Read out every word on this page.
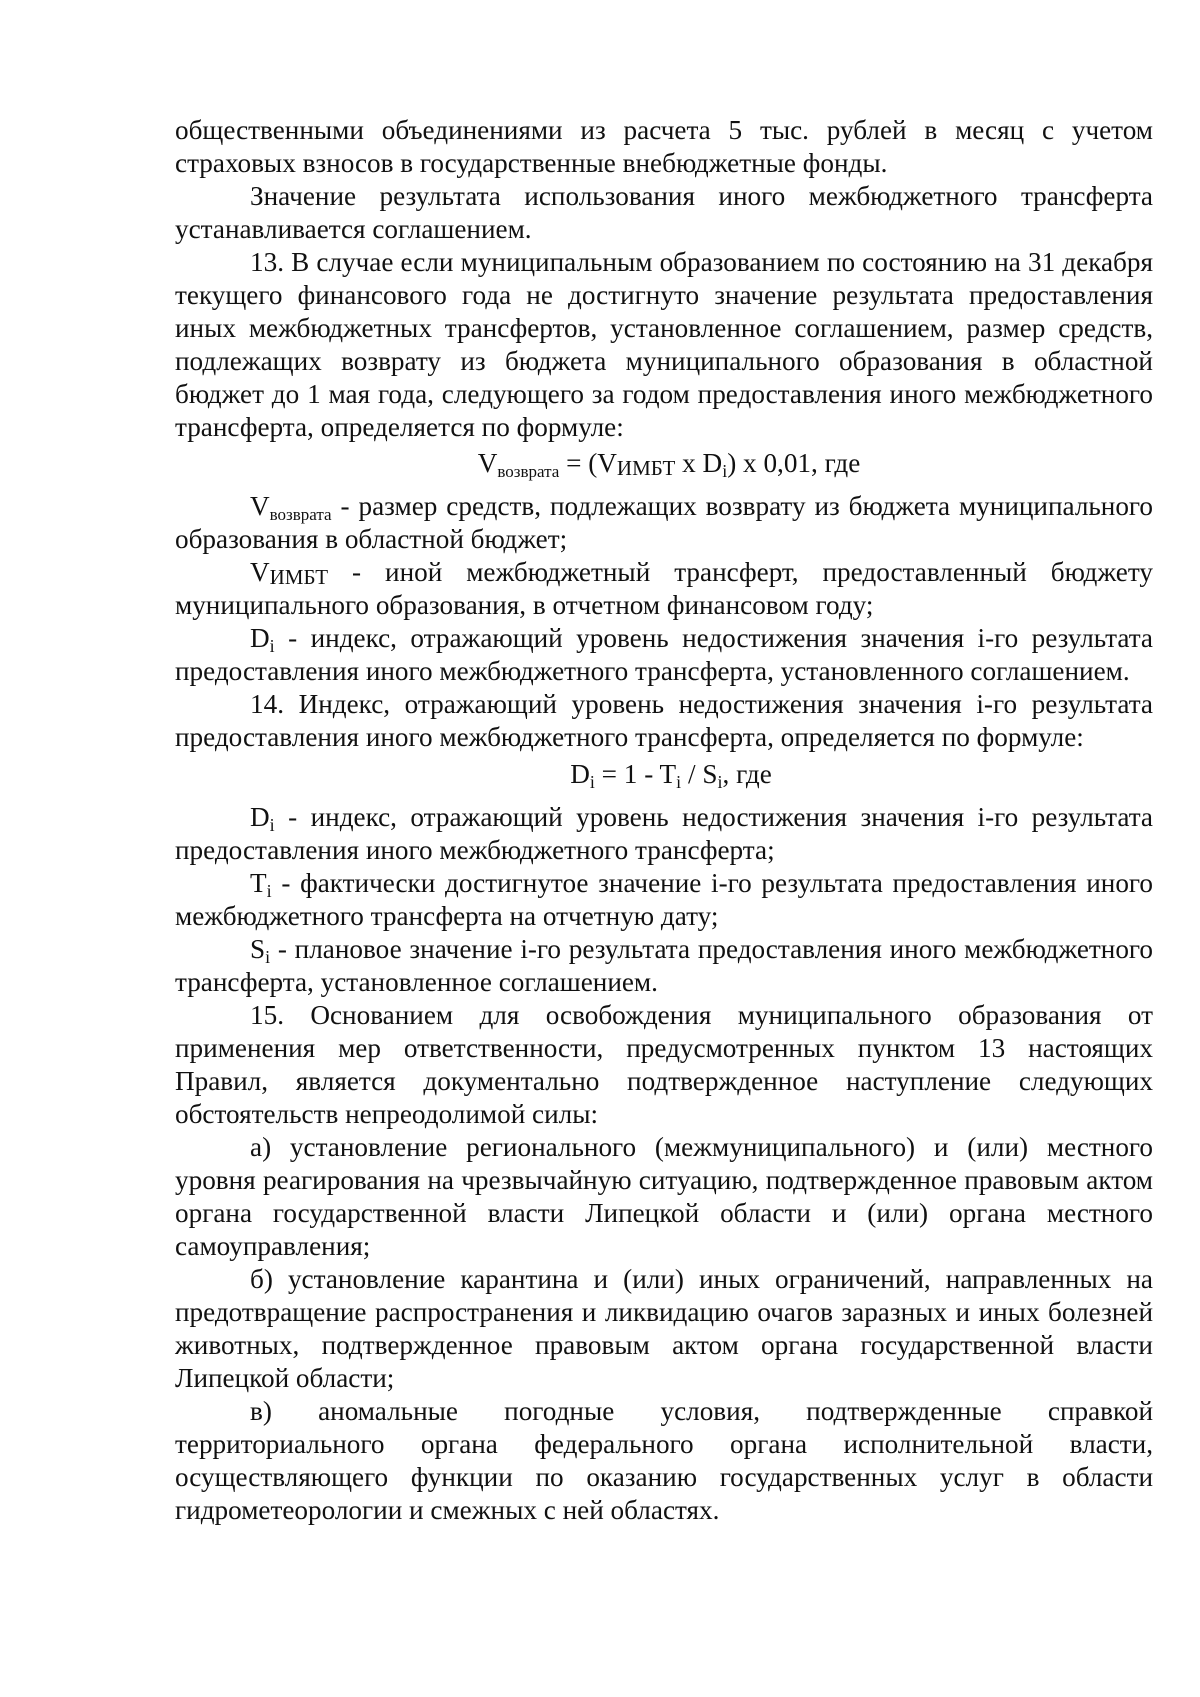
общественными объединениями из расчета 5 тыс. рублей в месяц с учетом страховых взносов в государственные внебюджетные фонды.

Значение результата использования иного межбюджетного трансферта устанавливается соглашением.

13. В случае если муниципальным образованием по состоянию на 31 декабря текущего финансового года не достигнуто значение результата предоставления иных межбюджетных трансфертов, установленное соглашением, размер средств, подлежащих возврату из бюджета муниципального образования в областной бюджет до 1 мая года, следующего за годом предоставления иного межбюджетного трансферта, определяется по формуле:

Vвозврата = (VИМБТ x Di) x 0,01, где

Vвозврата - размер средств, подлежащих возврату из бюджета муниципального образования в областной бюджет;

VИМБТ - иной межбюджетный трансферт, предоставленный бюджету муниципального образования, в отчетном финансовом году;

Di - индекс, отражающий уровень недостижения значения i-го результата предоставления иного межбюджетного трансферта, установленного соглашением.

14. Индекс, отражающий уровень недостижения значения i-го результата предоставления иного межбюджетного трансферта, определяется по формуле:

Di = 1 - Ti / Si, где

Di - индекс, отражающий уровень недостижения значения i-го результата предоставления иного межбюджетного трансферта;

Ti - фактически достигнутое значение i-го результата предоставления иного межбюджетного трансферта на отчетную дату;

Si - плановое значение i-го результата предоставления иного межбюджетного трансферта, установленное соглашением.

15. Основанием для освобождения муниципального образования от применения мер ответственности, предусмотренных пунктом 13 настоящих Правил, является документально подтвержденное наступление следующих обстоятельств непреодолимой силы:

а) установление регионального (межмуниципального) и (или) местного уровня реагирования на чрезвычайную ситуацию, подтвержденное правовым актом органа государственной власти Липецкой области и (или) органа местного самоуправления;

б) установление карантина и (или) иных ограничений, направленных на предотвращение распространения и ликвидацию очагов заразных и иных болезней животных, подтвержденное правовым актом органа государственной власти Липецкой области;

в) аномальные погодные условия, подтвержденные справкой территориального органа федерального органа исполнительной власти, осуществляющего функции по оказанию государственных услуг в области гидрометеорологии и смежных с ней областях.
